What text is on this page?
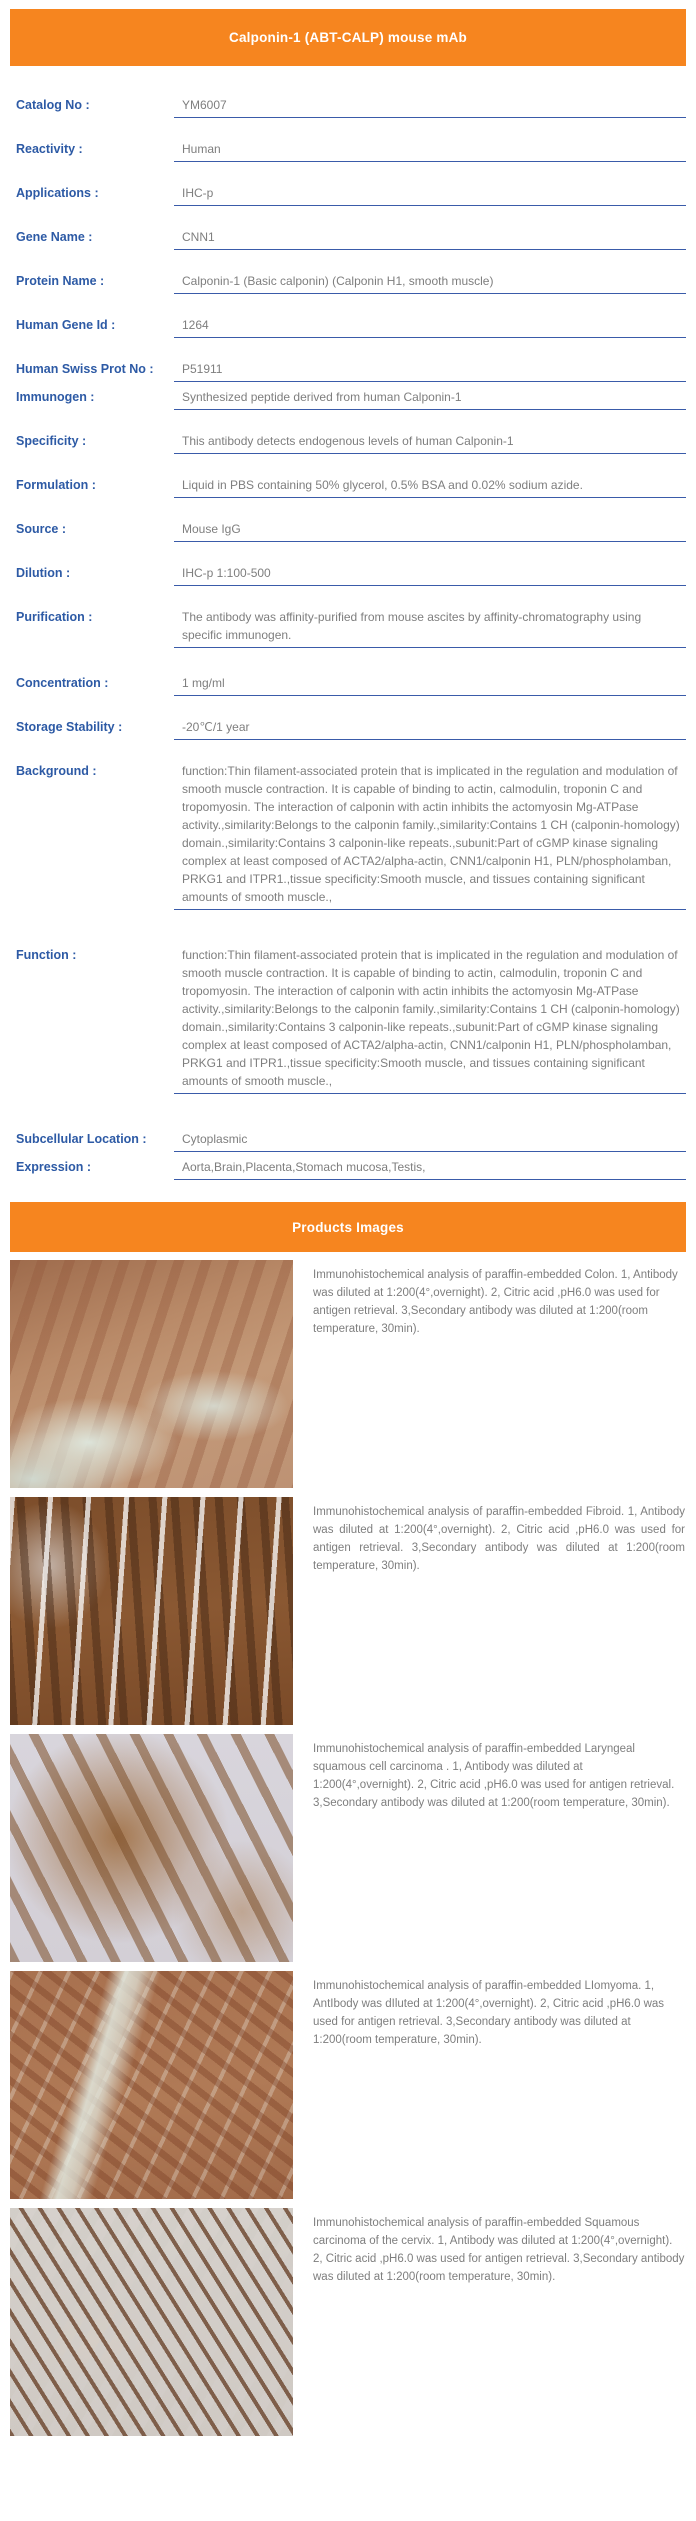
Calponin-1 (ABT-CALP) mouse mAb
Catalog No :	YM6007
Reactivity :	Human
Applications :	IHC-p
Gene Name :	CNN1
Protein Name :	Calponin-1 (Basic calponin) (Calponin H1, smooth muscle)
Human Gene Id :	1264
Human Swiss Prot No :	P51911
Immunogen :	Synthesized peptide derived from human Calponin-1
Specificity :	This antibody detects endogenous levels of human Calponin-1
Formulation :	Liquid in PBS containing 50% glycerol, 0.5% BSA and 0.02% sodium azide.
Source :	Mouse IgG
Dilution :	IHC-p 1:100-500
Purification :	The antibody was affinity-purified from mouse ascites by affinity-chromatography using specific immunogen.
Concentration :	1 mg/ml
Storage Stability :	-20℃/1 year
Background :	function:Thin filament-associated protein that is implicated in the regulation and modulation of smooth muscle contraction. It is capable of binding to actin, calmodulin, troponin C and tropomyosin. The interaction of calponin with actin inhibits the actomyosin Mg-ATPase activity.,similarity:Belongs to the calponin family.,similarity:Contains 1 CH (calponin-homology) domain.,similarity:Contains 3 calponin-like repeats.,subunit:Part of cGMP kinase signaling complex at least composed of ACTA2/alpha-actin, CNN1/calponin H1, PLN/phospholamban, PRKG1 and ITPR1.,tissue specificity:Smooth muscle, and tissues containing significant amounts of smooth muscle.,
Function :	function:Thin filament-associated protein that is implicated in the regulation and modulation of smooth muscle contraction. It is capable of binding to actin, calmodulin, troponin C and tropomyosin. The interaction of calponin with actin inhibits the actomyosin Mg-ATPase activity.,similarity:Belongs to the calponin family.,similarity:Contains 1 CH (calponin-homology) domain.,similarity:Contains 3 calponin-like repeats.,subunit:Part of cGMP kinase signaling complex at least composed of ACTA2/alpha-actin, CNN1/calponin H1, PLN/phospholamban, PRKG1 and ITPR1.,tissue specificity:Smooth muscle, and tissues containing significant amounts of smooth muscle.,
Subcellular Location :	Cytoplasmic
Expression :	Aorta,Brain,Placenta,Stomach mucosa,Testis,
Products Images
Immunohistochemical analysis of paraffin-embedded Colon. 1, Antibody was diluted at 1:200(4°,overnight). 2, Citric acid ,pH6.0 was used for antigen retrieval. 3,Secondary antibody was diluted at 1:200(room temperature, 30min).
Immunohistochemical analysis of paraffin-embedded Fibroid. 1, Antibody was diluted at 1:200(4°,overnight). 2, Citric acid ,pH6.0 was used for antigen retrieval. 3,Secondary antibody was diluted at 1:200(room temperature, 30min).
Immunohistochemical analysis of paraffin-embedded Laryngeal squamous cell carcinoma . 1, Antibody was diluted at 1:200(4°,overnight). 2, Citric acid ,pH6.0 was used for antigen retrieval. 3,Secondary antibody was diluted at 1:200(room temperature, 30min).
Immunohistochemical analysis of paraffin-embedded LIomyoma. 1, AntIbody was dIluted at 1:200(4°,overnight). 2, Citric acid ,pH6.0 was used for antigen retrieval. 3,Secondary antibody was diluted at 1:200(room temperature, 30min).
Immunohistochemical analysis of paraffin-embedded Squamous carcinoma of the cervix. 1, Antibody was diluted at 1:200(4°,overnight). 2, Citric acid ,pH6.0 was used for antigen retrieval. 3,Secondary antibody was diluted at 1:200(room temperature, 30min).
